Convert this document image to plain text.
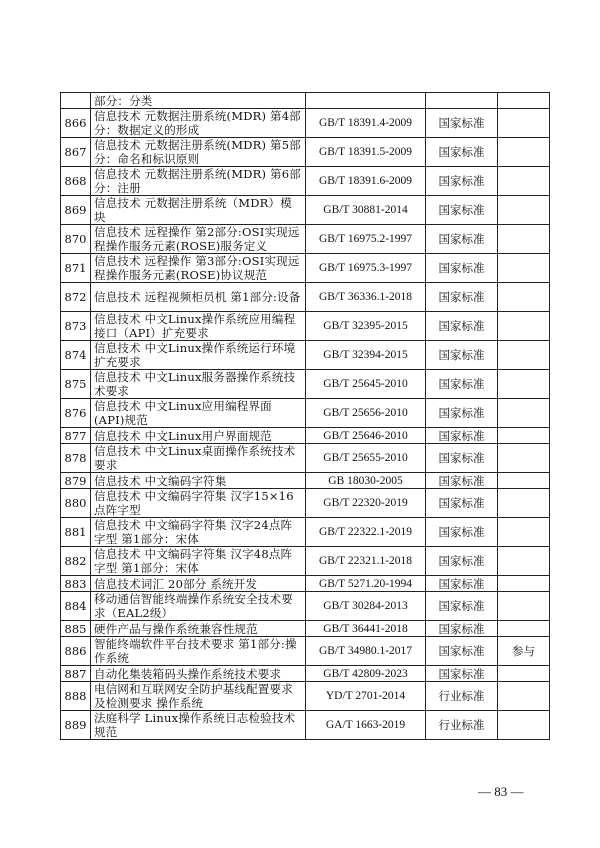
	部分：分类			
866	信息技术 元数据注册系统(MDR) 第4部分：数据定义的形成	GB/T 18391.4-2009	国家标准	
867	信息技术 元数据注册系统(MDR) 第5部分：命名和标识原则	GB/T 18391.5-2009	国家标准	
868	信息技术 元数据注册系统(MDR) 第6部分：注册	GB/T 18391.6-2009	国家标准	
869	信息技术 元数据注册系统（MDR）模块	GB/T 30881-2014	国家标准	
870	信息技术 远程操作 第2部分:OSI实现远程操作服务元素(ROSE)服务定义	GB/T 16975.2-1997	国家标准	
871	信息技术 远程操作 第3部分:OSI实现远程操作服务元素(ROSE)协议规范	GB/T 16975.3-1997	国家标准	
872	信息技术 远程视频柜员机 第1部分:设备	GB/T 36336.1-2018	国家标准	
873	信息技术 中文Linux操作系统应用编程接口（API）扩充要求	GB/T 32395-2015	国家标准	
874	信息技术 中文Linux操作系统运行环境扩充要求	GB/T 32394-2015	国家标准	
875	信息技术 中文Linux服务器操作系统技术要求	GB/T 25645-2010	国家标准	
876	信息技术 中文Linux应用编程界面(API)规范	GB/T 25656-2010	国家标准	
877	信息技术 中文Linux用户界面规范	GB/T 25646-2010	国家标准	
878	信息技术 中文Linux桌面操作系统技术要求	GB/T 25655-2010	国家标准	
879	信息技术 中文编码字符集	GB 18030-2005	国家标准	
880	信息技术 中文编码字符集 汉字15×16点阵字型	GB/T 22320-2019	国家标准	
881	信息技术 中文编码字符集 汉字24点阵字型 第1部分：宋体	GB/T 22322.1-2019	国家标准	
882	信息技术 中文编码字符集 汉字48点阵字型 第1部分：宋体	GB/T 22321.1-2018	国家标准	
883	信息技术词汇 20部分 系统开发	GB/T 5271.20-1994	国家标准	
884	移动通信智能终端操作系统安全技术要求（EAL2级）	GB/T 30284-2013	国家标准	
885	硬件产品与操作系统兼容性规范	GB/T 36441-2018	国家标准	
886	智能终端软件平台技术要求 第1部分:操作系统	GB/T 34980.1-2017	国家标准	参与
887	自动化集装箱码头操作系统技术要求	GB/T 42809-2023	国家标准	
888	电信网和互联网安全防护基线配置要求及检测要求 操作系统	YD/T 2701-2014	行业标准	
889	法庭科学 Linux操作系统日志检验技术规范	GA/T 1663-2019	行业标准	
— 83 —
